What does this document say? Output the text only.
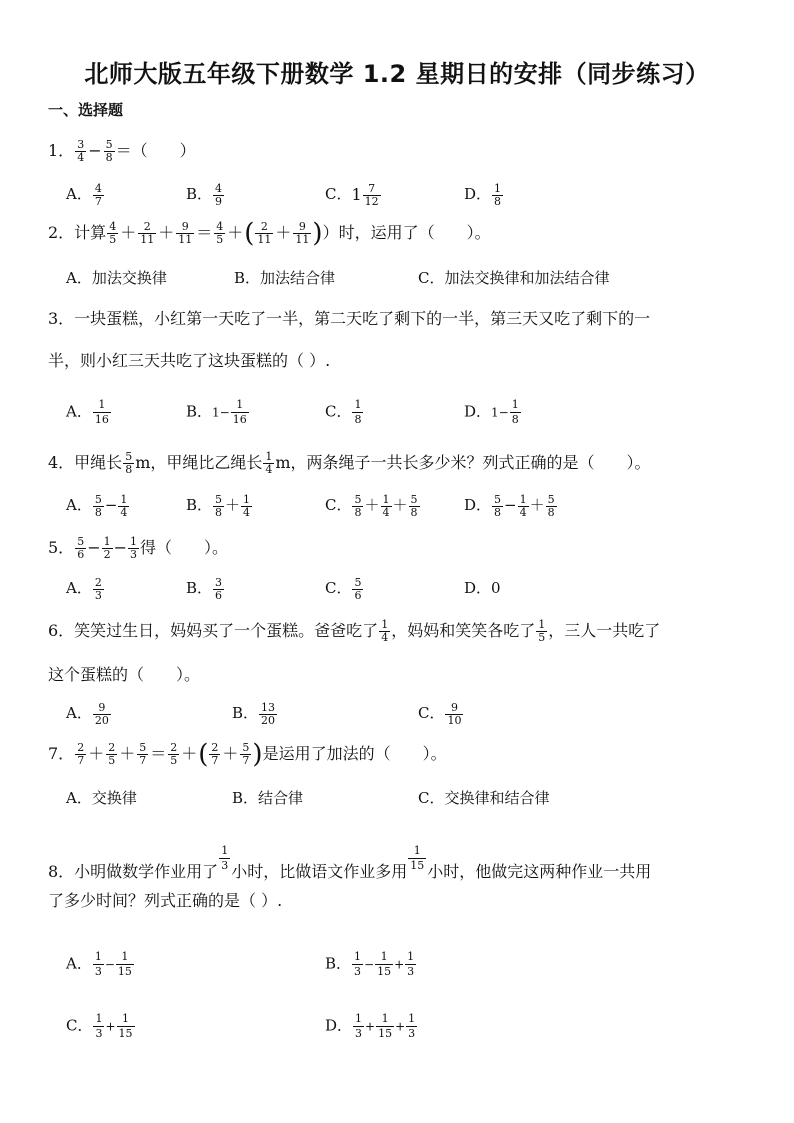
北师大版五年级下册数学 1.2 星期日的安排（同步练习）
一、选择题
1． $\frac{3}{4} - \frac{5}{8}$ ＝（　　）
A． $\frac{4}{7}$	B． $\frac{4}{9}$	C．$1 \frac{7}{12}$	D． $\frac{1}{8}$
2．计算 $\frac{4}{5} + \frac{2}{11} + \frac{9}{11} = \frac{4}{5}$ ＋( $\frac{2}{11} + \frac{9}{11}$ )）时，运用了（　　）。
A．加法交换律	B．加法结合律	C．加法交换律和加法结合律
3．一块蛋糕，小红第一天吃了一半，第二天吃了剩下的一半，第三天又吃了剩下的一
半，则小红三天共吃了这块蛋糕的（ ）.
A． $\frac{1}{16}$	B．$1- \frac{1}{16}$	C． $\frac{1}{8}$	D．$1- \frac{1}{8}$
4．甲绳长 $\frac{5}{8}$ m，甲绳比乙绳长 $\frac{1}{4}$ m，两条绳子一共长多少米？列式正确的是（　　）。
A． $\frac{5}{8} - \frac{1}{4}$	B． $\frac{5}{8} + \frac{1}{4}$	C． $\frac{5}{8} + \frac{1}{4} + \frac{5}{8}$	D． $\frac{5}{8} - \frac{1}{4} + \frac{5}{8}$
5． $\frac{5}{6} - \frac{1}{2} - \frac{1}{3}$ 得（　　）。
A． $\frac{2}{3}$	B． $\frac{3}{6}$	C． $\frac{5}{6}$	D．0
6．笑笑过生日，妈妈买了一个蛋糕。爸爸吃了 $\frac{1}{4}$ ，妈妈和笑笑各吃了 $\frac{1}{5}$ ，三人一共吃了
这个蛋糕的（　　）。
A． $\frac{9}{20}$	B． $\frac{13}{20}$	C． $\frac{9}{10}$
7． $\frac{2}{7} + \frac{2}{5} + \frac{5}{7} = \frac{2}{5}$ ＋( $\frac{2}{7} + \frac{5}{7}$ )是运用了加法的（　　）。
A．交换律	B．结合律	C．交换律和结合律
8．小明做数学作业用了 $\frac{1}{3}$ 小时，比做语文作业多用 $\frac{1}{15}$ 小时，他做完这两种作业一共用
了多少时间？列式正确的是（ ）.
A． $\frac{1}{3} - \frac{1}{15}$	B． $\frac{1}{3} - \frac{1}{15} + \frac{1}{3}$
C． $\frac{1}{3} + \frac{1}{15}$	D． $\frac{1}{3} + \frac{1}{15} + \frac{1}{3}$
